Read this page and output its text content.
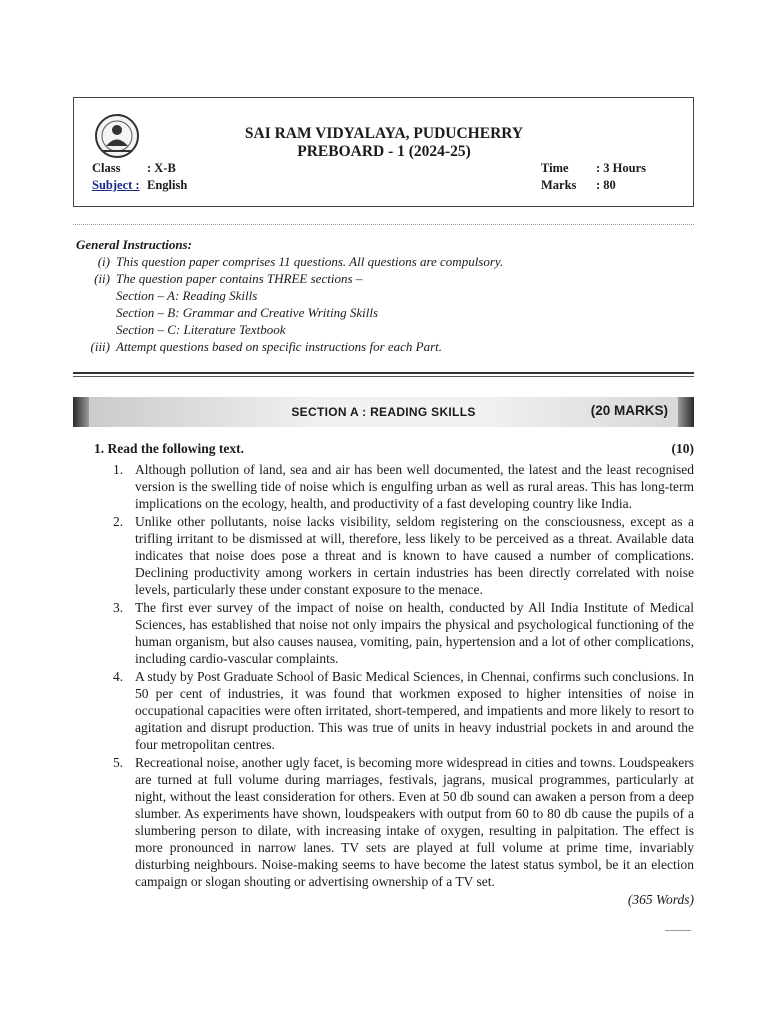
SAI RAM VIDYALAYA, PUDUCHERRY
PREBOARD - 1 (2024-25)
Class : X-B
Subject : English
Time : 3 Hours
Marks : 80
General Instructions:
(i) This question paper comprises 11 questions. All questions are compulsory.
(ii) The question paper contains THREE sections –
Section – A: Reading Skills
Section – B: Grammar and Creative Writing Skills
Section – C: Literature Textbook
(iii) Attempt questions based on specific instructions for each Part.
SECTION A : READING SKILLS	(20 MARKS)
1. Read the following text.	(10)
1. Although pollution of land, sea and air has been well documented, the latest and the least recognised version is the swelling tide of noise which is engulfing urban as well as rural areas. This has long-term implications on the ecology, health, and productivity of a fast developing country like India.
2. Unlike other pollutants, noise lacks visibility, seldom registering on the consciousness, except as a trifling irritant to be dismissed at will, therefore, less likely to be perceived as a threat. Available data indicates that noise does pose a threat and is known to have caused a number of complications. Declining productivity among workers in certain industries has been directly correlated with noise levels, particularly these under constant exposure to the menace.
3. The first ever survey of the impact of noise on health, conducted by All India Institute of Medical Sciences, has established that noise not only impairs the physical and psychological functioning of the human organism, but also causes nausea, vomiting, pain, hypertension and a lot of other complications, including cardio-vascular complaints.
4. A study by Post Graduate School of Basic Medical Sciences, in Chennai, confirms such conclusions. In 50 per cent of industries, it was found that workmen exposed to higher intensities of noise in occupational capacities were often irritated, short-tempered, and impatients and more likely to resort to agitation and disrupt production. This was true of units in heavy industrial pockets in and around the four metropolitan centres.
5. Recreational noise, another ugly facet, is becoming more widespread in cities and towns. Loudspeakers are turned at full volume during marriages, festivals, jagrans, musical programmes, particularly at night, without the least consideration for others. Even at 50 db sound can awaken a person from a deep slumber. As experiments have shown, loudspeakers with output from 60 to 80 db cause the pupils of a slumbering person to dilate, with increasing intake of oxygen, resulting in palpitation. The effect is more pronounced in narrow lanes. TV sets are played at full volume at prime time, invariably disturbing neighbours. Noise-making seems to have become the latest status symbol, be it an election campaign or slogan shouting or advertising ownership of a TV set.
(365 Words)
